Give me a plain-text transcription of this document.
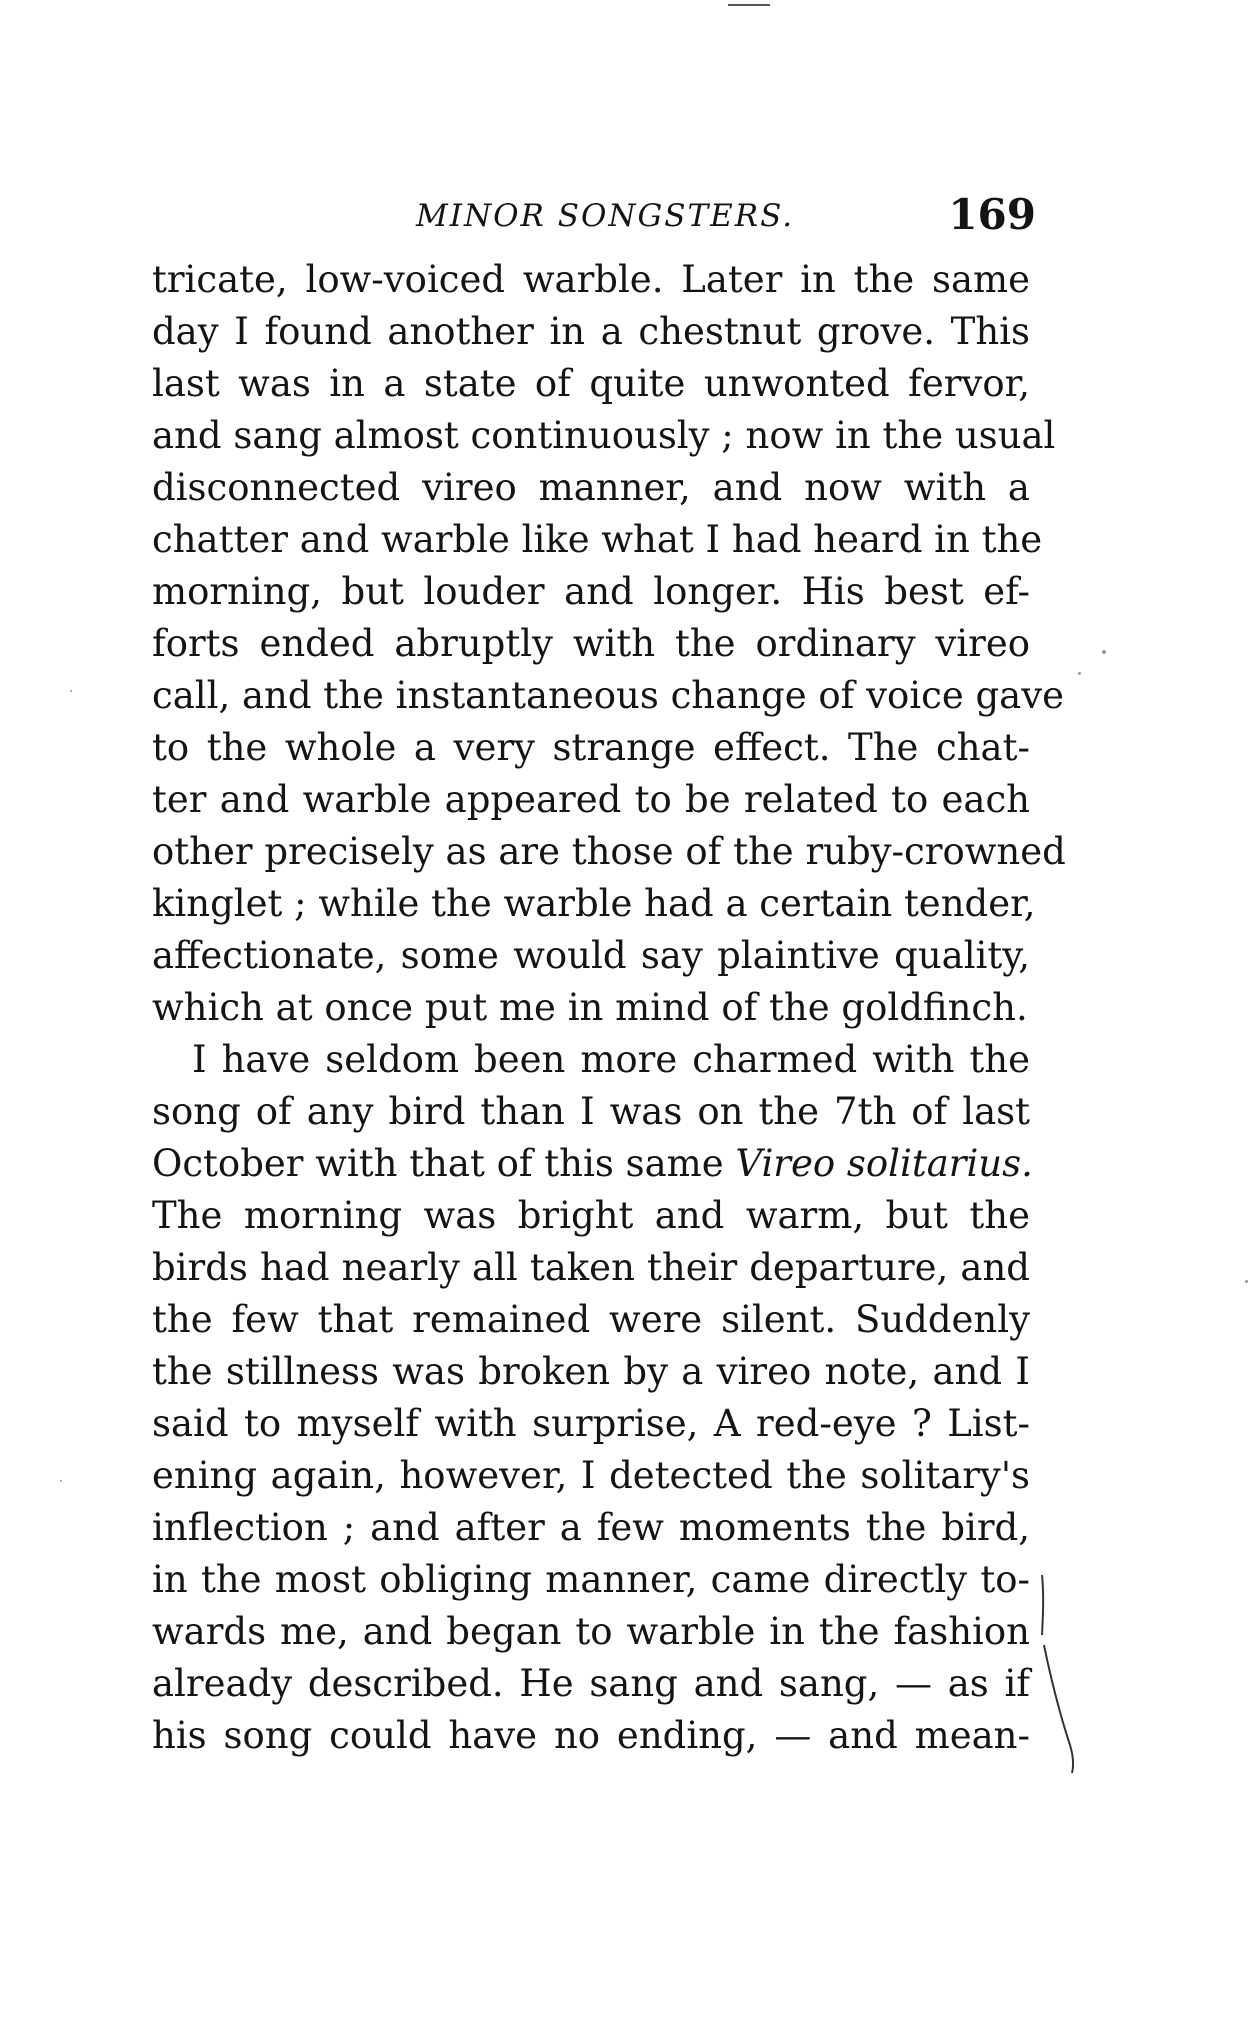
MINOR SONGSTERS.	169
tricate, low-voiced warble. Later in the same
day I found another in a chestnut grove. This
last was in a state of quite unwonted fervor,
and sang almost continuously ; now in the usual
disconnected vireo manner, and now with a
chatter and warble like what I had heard in the
morning, but louder and longer. His best ef-
forts ended abruptly with the ordinary vireo
call, and the instantaneous change of voice gave
to the whole a very strange effect. The chat-
ter and warble appeared to be related to each
other precisely as are those of the ruby-crowned
kinglet ; while the warble had a certain tender,
affectionate, some would say plaintive quality,
which at once put me in mind of the goldfinch.
I have seldom been more charmed with the
song of any bird than I was on the 7th of last
October with that of this same Vireo solitarius.
The morning was bright and warm, but the
birds had nearly all taken their departure, and
the few that remained were silent. Suddenly
the stillness was broken by a vireo note, and I
said to myself with surprise, A red-eye ? List-
ening again, however, I detected the solitary's
inflection ; and after a few moments the bird,
in the most obliging manner, came directly to-
wards me, and began to warble in the fashion
already described. He sang and sang, — as if
his song could have no ending, — and mean-
